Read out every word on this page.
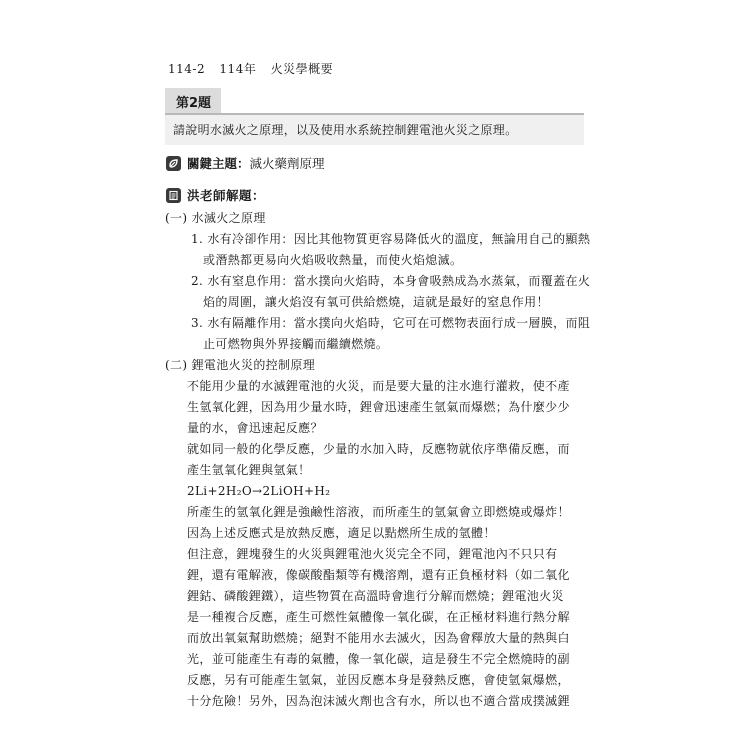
114-2 114年 火災學概要
第2題
請說明水滅火之原理，以及使用水系統控制鋰電池火災之原理。
關鍵主題： 滅火藥劑原理
洪老師解題：
(一) 水滅火之原理
1. 水有冷卻作用：因比其他物質更容易降低火的溫度，無論用自己的顯熱
或潛熱都更易向火焰吸收熱量，而使火焰熄滅。
2. 水有窒息作用：當水撲向火焰時，本身會吸熱成為水蒸氣，而覆蓋在火
焰的周圍，讓火焰沒有氧可供給燃燒，這就是最好的窒息作用！
3. 水有隔離作用：當水撲向火焰時，它可在可燃物表面行成一層膜，而阻
止可燃物與外界接觸而繼續燃燒。
(二) 鋰電池火災的控制原理
不能用少量的水滅鋰電池的火災，而是要大量的注水進行灌救，使不產
生氫氧化鋰，因為用少量水時，鋰會迅速產生氫氣而爆燃；為什麼少少
量的水，會迅速起反應？
就如同一般的化學反應，少量的水加入時，反應物就依序準備反應，而
產生氫氧化鋰與氫氣！
2Li+2H₂O→2LiOH+H₂
所產生的氫氧化鋰是強鹼性溶液，而所產生的氫氣會立即燃燒或爆炸！
因為上述反應式是放熱反應，適足以點燃所生成的氫體！
但注意，鋰塊發生的火災與鋰電池火災完全不同，鋰電池內不只只有
鋰，還有電解液，像碳酸酯類等有機溶劑，還有正負極材料（如二氧化
鋰鈷、磷酸鋰鐵），這些物質在高溫時會進行分解而燃燒；鋰電池火災
是一種複合反應，產生可燃性氣體像一氧化碳，在正極材料進行熱分解
而放出氧氣幫助燃燒；絕對不能用水去滅火，因為會釋放大量的熱與白
光，並可能產生有毒的氣體，像一氧化碳，這是發生不完全燃燒時的副
反應，另有可能產生氫氣，並因反應本身是發熱反應，會使氫氣爆燃，
十分危險！另外，因為泡沫滅火劑也含有水，所以也不適合當成撲滅鋰
